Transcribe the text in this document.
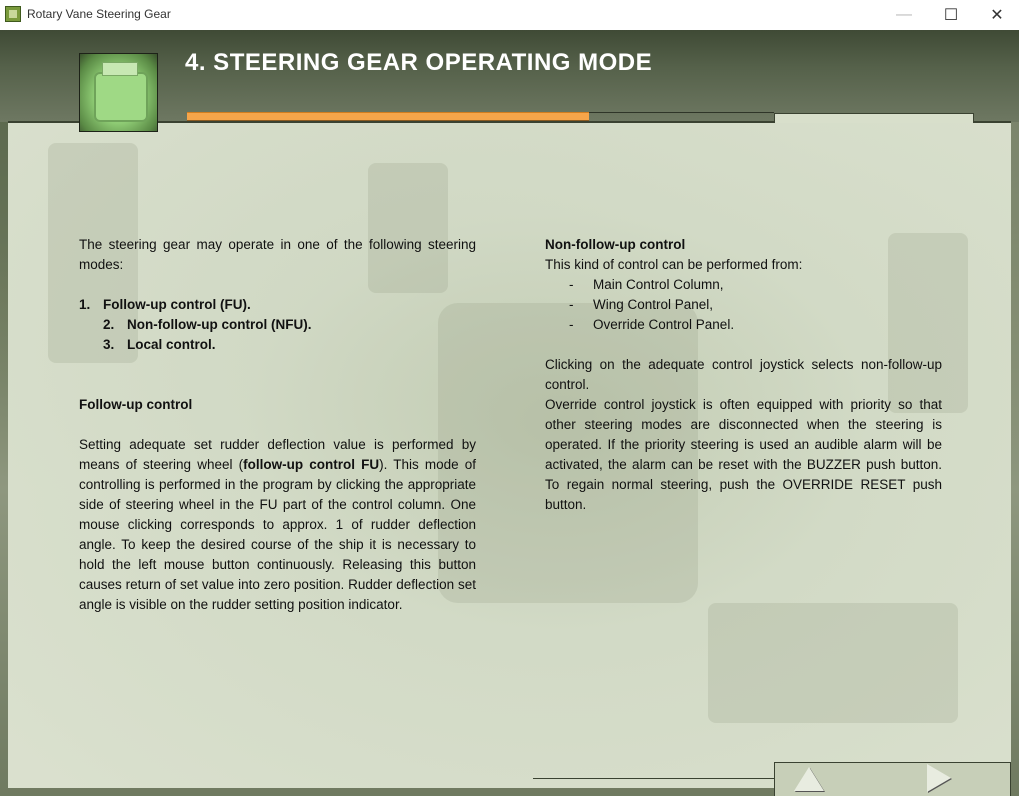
Rotary Vane Steering Gear	—	☐	✕
4. STEERING GEAR OPERATING MODE
The steering gear may operate in one of the following steering modes:
1. Follow-up control (FU).
2. Non-follow-up control (NFU).
3. Local control.
Follow-up control
Setting adequate set rudder deflection value is performed by means of steering wheel (follow-up control FU). This mode of controlling is performed in the program by clicking the appropriate side of steering wheel in the FU part of the control column. One mouse clicking corresponds to approx. 1 of rudder deflection angle. To keep the desired course of the ship it is necessary to hold the left mouse button continuously. Releasing this button causes return of set value into zero position. Rudder deflection set angle is visible on the rudder setting position indicator.
Non-follow-up control
This kind of control can be performed from:
-	Main Control Column,
-	Wing Control Panel,
-	Override Control Panel.
Clicking on the adequate control joystick selects non-follow-up control.
Override control joystick is often equipped with priority so that other steering modes are disconnected when the steering is operated. If the priority steering is used an audible alarm will be activated, the alarm can be reset with the BUZZER push button. To regain normal steering, push the OVERRIDE RESET push button.
